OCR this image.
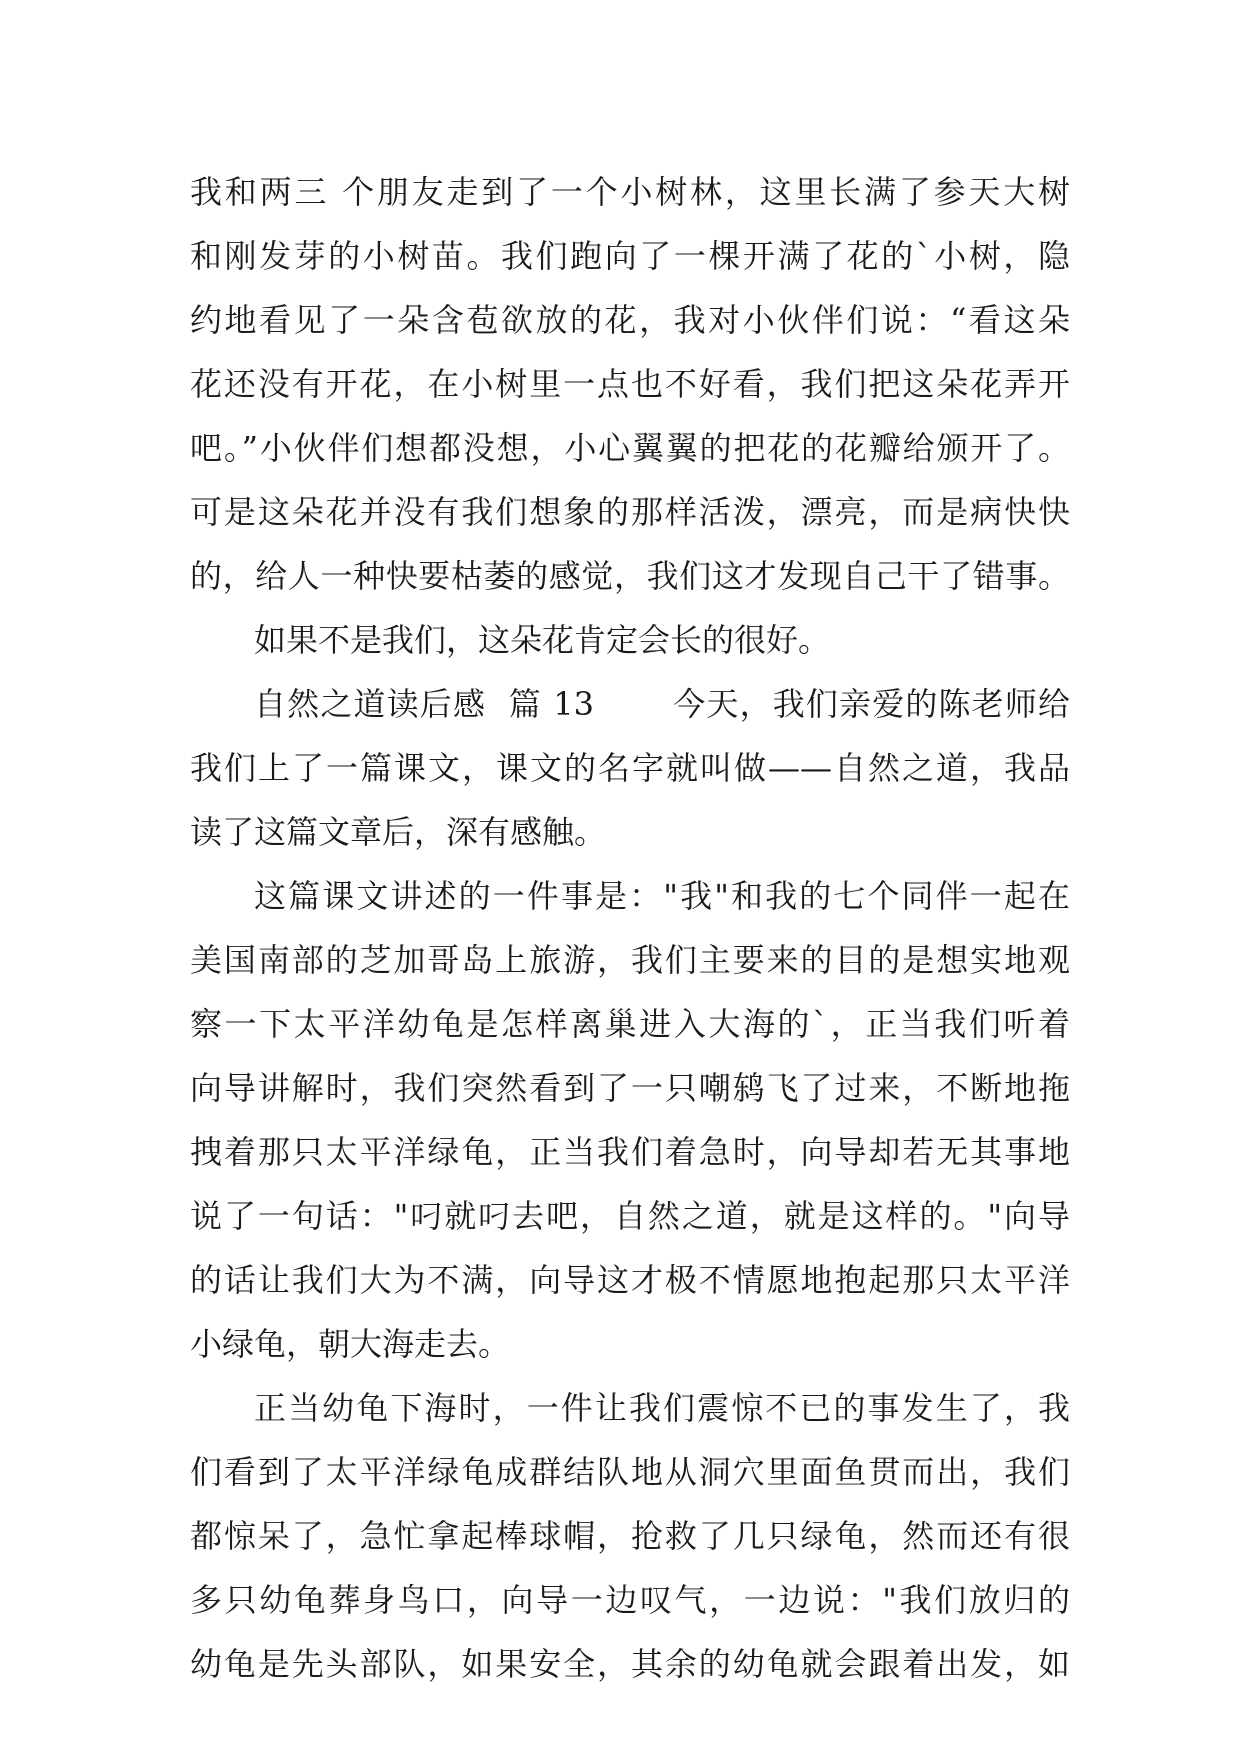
我和两三 个朋友走到了一个小树林，这里长满了参天大树
和刚发芽的小树苗。我们跑向了一棵开满了花的`小树，隐
约地看见了一朵含苞欲放的花，我对小伙伴们说：“看这朵
花还没有开花，在小树里一点也不好看，我们把这朵花弄开
吧。”小伙伴们想都没想，小心翼翼的把花的花瓣给颁开了。
可是这朵花并没有我们想象的那样活泼，漂亮，而是病快快
的，给人一种快要枯萎的感觉，我们这才发现自己干了错事。
如果不是我们，这朵花肯定会长的很好。
自然之道读后感  篇 13       今天，我们亲爱的陈老师给
我们上了一篇课文，课文的名字就叫做——自然之道，我品
读了这篇文章后，深有感触。
这篇课文讲述的一件事是："我"和我的七个同伴一起在
美国南部的芝加哥岛上旅游，我们主要来的目的是想实地观
察一下太平洋幼龟是怎样离巢进入大海的`，正当我们听着
向导讲解时，我们突然看到了一只嘲鸫飞了过来，不断地拖
拽着那只太平洋绿龟，正当我们着急时，向导却若无其事地
说了一句话："叼就叼去吧，自然之道，就是这样的。"向导
的话让我们大为不满，向导这才极不情愿地抱起那只太平洋
小绿龟，朝大海走去。
正当幼龟下海时，一件让我们震惊不已的事发生了，我
们看到了太平洋绿龟成群结队地从洞穴里面鱼贯而出，我们
都惊呆了，急忙拿起棒球帽，抢救了几只绿龟，然而还有很
多只幼龟葬身鸟口，向导一边叹气，一边说："我们放归的
幼龟是先头部队，如果安全，其余的幼龟就会跟着出发，如
